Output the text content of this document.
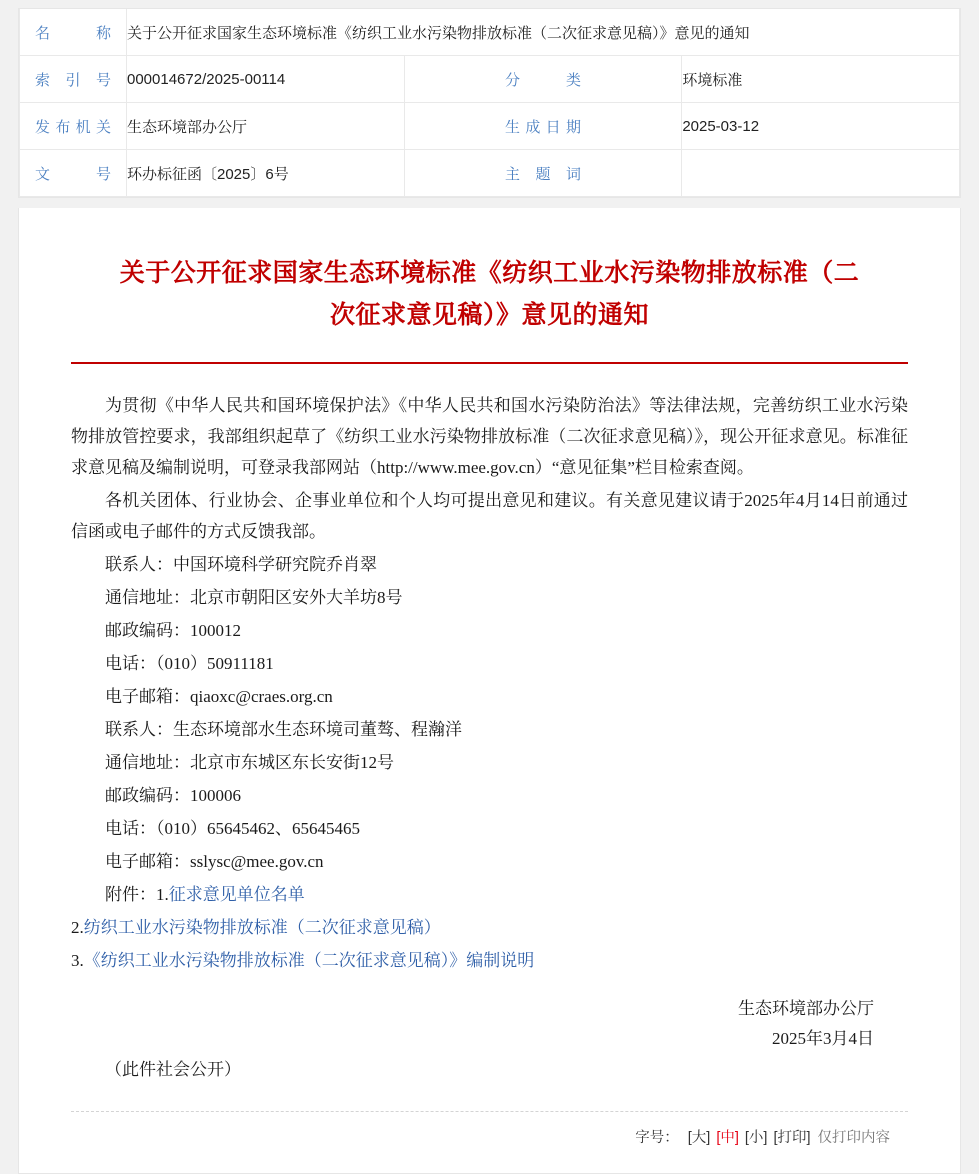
名　　称	关于公开征求国家生态环境标准《纺织工业水污染物排放标准（二次征求意见稿）》意见的通知		
索 引 号	000014672/2025-00114	分　　类	环境标准
发布机关	生态环境部办公厅	生成日期	2025-03-12
文　　号	环办标征函〔2025〕6号	主 题 词	
关于公开征求国家生态环境标准《纺织工业水污染物排放标准（二次征求意见稿）》意见的通知

为贯彻《中华人民共和国环境保护法》《中华人民共和国水污染防治法》等法律法规，完善纺织工业水污染物排放管控要求，我部组织起草了《纺织工业水污染物排放标准（二次征求意见稿）》，现公开征求意见。标准征求意见稿及编制说明，可登录我部网站（http://www.mee.gov.cn）“意见征集”栏目检索查阅。

各机关团体、行业协会、企事业单位和个人均可提出意见和建议。有关意见建议请于2025年4月14日前通过信函或电子邮件的方式反馈我部。

联系人：中国环境科学研究院乔肖翠

通信地址：北京市朝阳区安外大羊坊8号

邮政编码：100012

电话：（010）50911181

电子邮箱：qiaoxc@craes.org.cn

联系人：生态环境部水生态环境司董骜、程瀚洋

通信地址：北京市东城区东长安街12号

邮政编码：100006

电话：（010）65645462、65645465

电子邮箱：sslysc@mee.gov.cn

附件：1.征求意见单位名单

2.纺织工业水污染物排放标准（二次征求意见稿）

3.《纺织工业水污染物排放标准（二次征求意见稿）》编制说明

生态环境部办公厅
2025年3月4日

（此件社会公开）

字号： [大] [中] [小] [打印] 仅打印内容
